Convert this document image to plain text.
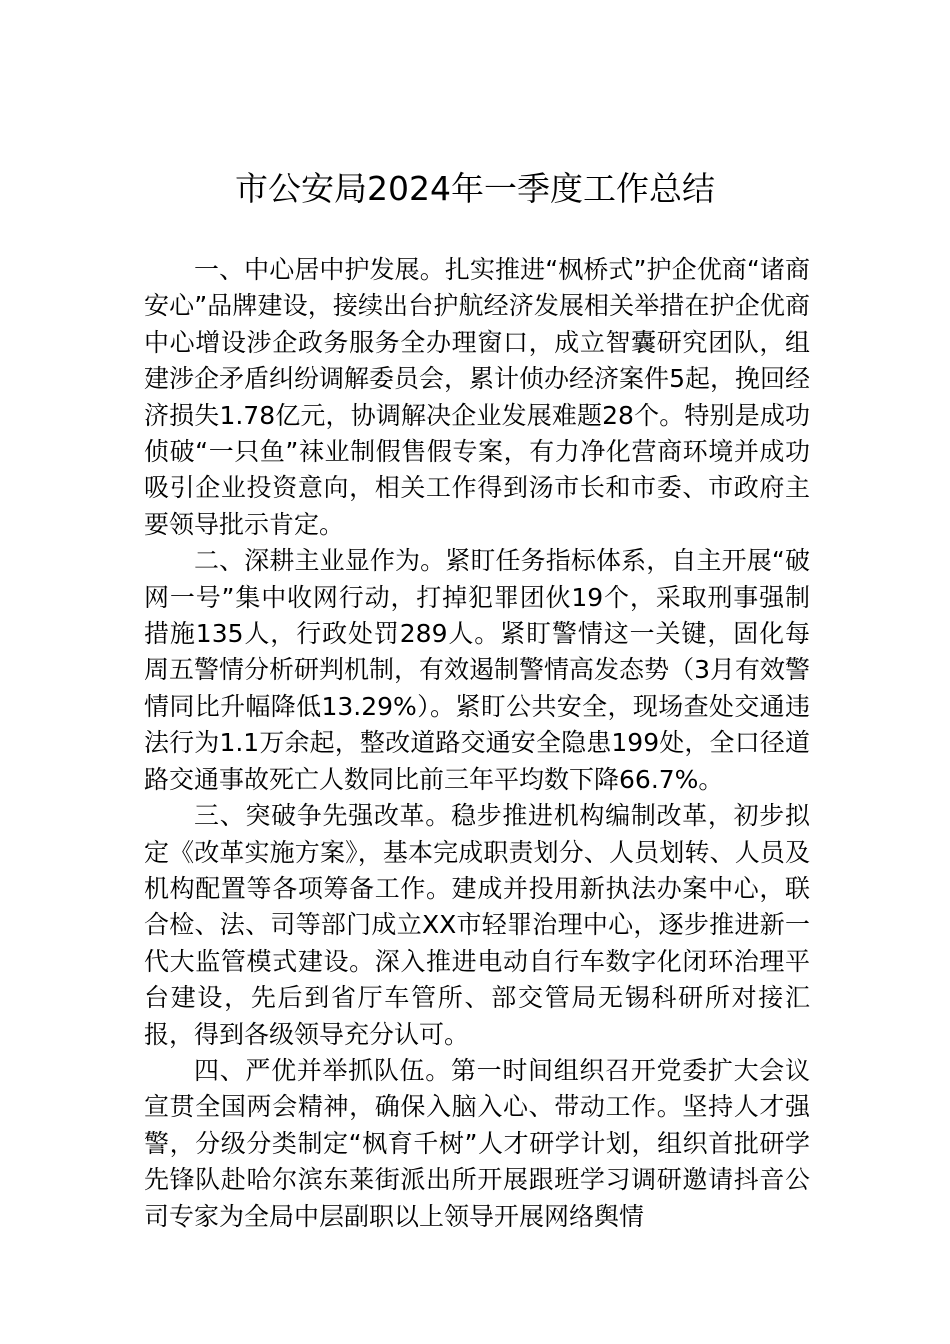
市公安局2024年一季度工作总结

一、中心居中护发展。扎实推进“枫桥式”护企优商“诸商安心”品牌建设，接续出台护航经济发展相关举措在护企优商中心增设涉企政务服务全办理窗口，成立智囊研究团队，组建涉企矛盾纠纷调解委员会，累计侦办经济案件5起，挽回经济损失1.78亿元，协调解决企业发展难题28个。特别是成功侦破“一只鱼”袜业制假售假专案，有力净化营商环境并成功吸引企业投资意向，相关工作得到汤市长和市委、市政府主要领导批示肯定。

二、深耕主业显作为。紧盯任务指标体系，自主开展“破网一号”集中收网行动，打掉犯罪团伙19个，采取刑事强制措施135人，行政处罚289人。紧盯警情这一关键，固化每周五警情分析研判机制，有效遏制警情高发态势（3月有效警情同比升幅降低13.29%）。紧盯公共安全，现场查处交通违法行为1.1万余起，整改道路交通安全隐患199处，全口径道路交通事故死亡人数同比前三年平均数下降66.7%。

三、突破争先强改革。稳步推进机构编制改革，初步拟定《改革实施方案》，基本完成职责划分、人员划转、人员及机构配置等各项筹备工作。建成并投用新执法办案中心，联合检、法、司等部门成立XX市轻罪治理中心，逐步推进新一代大监管模式建设。深入推进电动自行车数字化闭环治理平台建设，先后到省厅车管所、部交管局无锡科研所对接汇报，得到各级领导充分认可。

四、严优并举抓队伍。第一时间组织召开党委扩大会议宣贯全国两会精神，确保入脑入心、带动工作。坚持人才强警，分级分类制定“枫育千树”人才研学计划，组织首批研学先锋队赴哈尔滨东莱街派出所开展跟班学习调研邀请抖音公司专家为全局中层副职以上领导开展网络舆情
